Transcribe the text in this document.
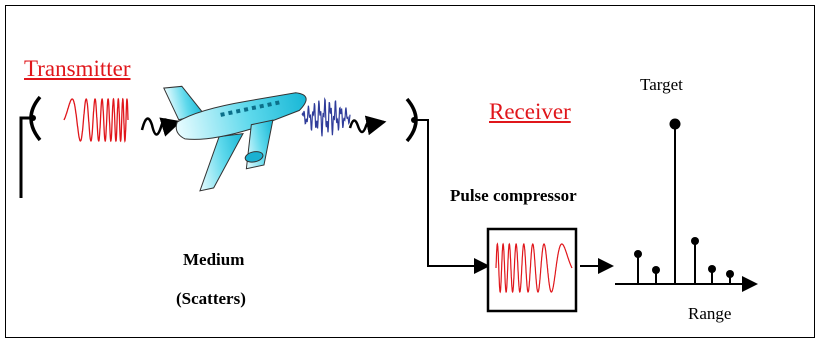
Transmitter
Receiver
Target
Pulse compressor
Medium
(Scatters)
Range
